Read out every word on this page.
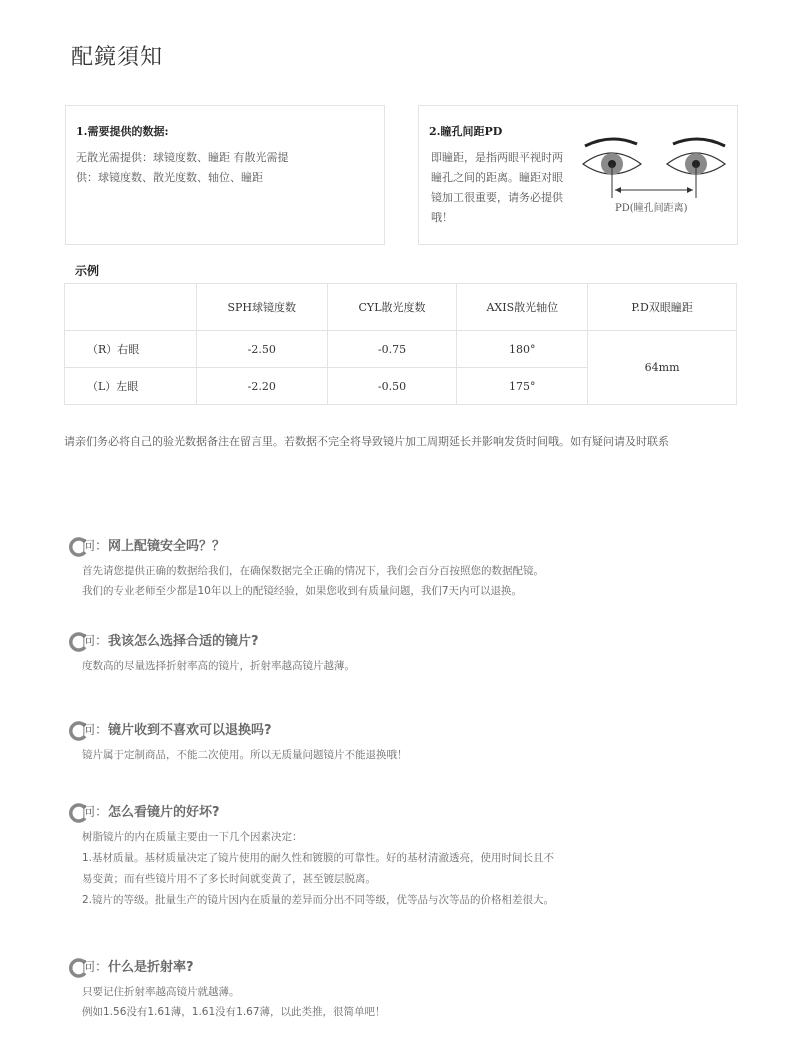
配鏡須知
1.需要提供的数据:
无散光需提供：球镜度数、瞳距 有散光需提供：球镜度数、散光度数、轴位、瞳距
2.瞳孔间距PD
即瞳距，是指两眼平视时两瞳孔之间的距离。瞳距对眼镜加工很重要，请务必提供哦！
PD(瞳孔间距离)
示例
	SPH球镜度数	CYL散光度数	AXIS散光轴位	P.D双眼瞳距
（R）右眼	-2.50	-0.75	180°	64mm
（L）左眼	-2.20	-0.50	175°	
请亲们务必将自己的验光数据备注在留言里。若数据不完全将导致镜片加工周期延长并影响发货时间哦。如有疑问请及时联系
问：网上配镜安全吗？？
首先请您提供正确的数据给我们，在确保数据完全正确的情况下，我们会百分百按照您的数据配镜。
我们的专业老师至少都是10年以上的配镜经验，如果您收到有质量问题，我们7天内可以退换。
问：我该怎么选择合适的镜片?
度数高的尽量选择折射率高的镜片，折射率越高镜片越薄。
问：镜片收到不喜欢可以退换吗?
镜片属于定制商品，不能二次使用。所以无质量问题镜片不能退换哦！
问：怎么看镜片的好坏?
树脂镜片的内在质量主要由一下几个因素决定：
1.基材质量。基材质量决定了镜片使用的耐久性和镀膜的可靠性。好的基材清澈透亮，使用时间长且不
易变黄；而有些镜片用不了多长时间就变黄了，甚至镀层脱离。
2.镜片的等级。批量生产的镜片因内在质量的差异而分出不同等级，优等品与次等品的价格相差很大。
问：什么是折射率?
只要记住折射率越高镜片就越薄。
例如1.56没有1.61薄，1.61没有1.67薄，以此类推，很简单吧！
